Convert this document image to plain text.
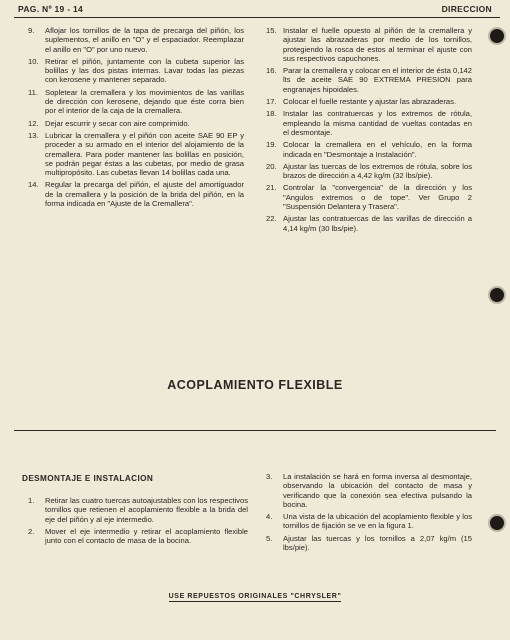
PAG. Nº 19 - 14	DIRECCION
9.	Aflojar los tornillos de la tapa de precarga del piñón, los suplementos, el anillo en "O" y el espaciador. Reemplazar el anillo en "O" por uno nuevo.
10. Retirar el piñón, juntamente con la cubeta superior las bolillas y las dos pistas internas. Lavar todas las piezas con kerosene y mantener separado.
11. Sopletear la cremallera y los movimientos de las varillas de dirección con kerosene, dejando que éste corra bien por el interior de la caja de la cremallera.
12. Dejar escurrir y secar con aire comprimido.
13. Lubricar la cremallera y el piñón con aceite SAE 90 EP y proceder a su armado en el interior del alojamiento de la cremallera. Para poder mantener las bolillas en posición, se podrán pegar éstas a las cubetas, por medio de grasa multipropósito. Las cubetas llevan 14 bolillas cada una.
14. Regular la precarga del piñón, el ajuste del amortiguador de la cremallera y la posición de la brida del piñón, en la forma indicada en "Ajuste de la Cremallera".
15. Instalar el fuelle opuesto al piñón de la cremallera y ajustar las abrazaderas por medio de los tornillos, protegiendo la rosca de estos al terminar el ajuste con sus respectivos capuchones.
16. Parar la cremallera y colocar en el interior de ésta 0,142 lts de aceite SAE 90 EXTREMA PRESION para engranajes hipoidales.
17. Colocar el fuelle restante y ajustar las abrazaderas.
18. Instalar las contratuercas y los extremos de rótula, empleando la misma cantidad de vueltas contadas en el desmontaje.
19. Colocar la cremallera en el vehículo, en la forma indicada en "Desmontaje a Instalación".
20. Ajustar las tuercas de los extremos de rótula, sobre los brazos de dirección a 4,42 kg/m (32 lbs/pie).
21. Controlar la "convergencia" de la dirección y los "Angulos extremos o de tope". Ver Grupo 2 "Suspensión Delantera y Trasera".
22. Ajustar las contratuercas de las varillas de dirección a 4,14 kg/m (30 lbs/pie).
ACOPLAMIENTO FLEXIBLE
DESMONTAJE E INSTALACION
1.	Retirar las cuatro tuercas autoajustables con los respectivos tornillos que retienen el acoplamiento flexible a la brida del eje del piñón y al eje intermedio.
2.	Mover el eje intermedio y retirar el acoplamiento flexible junto con el contacto de masa de la bocina.
3.	La instalación se hará en forma inversa al desmontaje, observando la ubicación del contacto de masa y verificando que la conexión sea efectiva pulsando la bocina.
4.	Una vista de la ubicación del acoplamiento flexible y los tornillos de fijación se ve en la figura 1.
5.	Ajustar las tuercas y los tornillos a 2,07 kg/m (15 lbs/pie).
USE REPUESTOS ORIGINALES "CHRYSLER"
